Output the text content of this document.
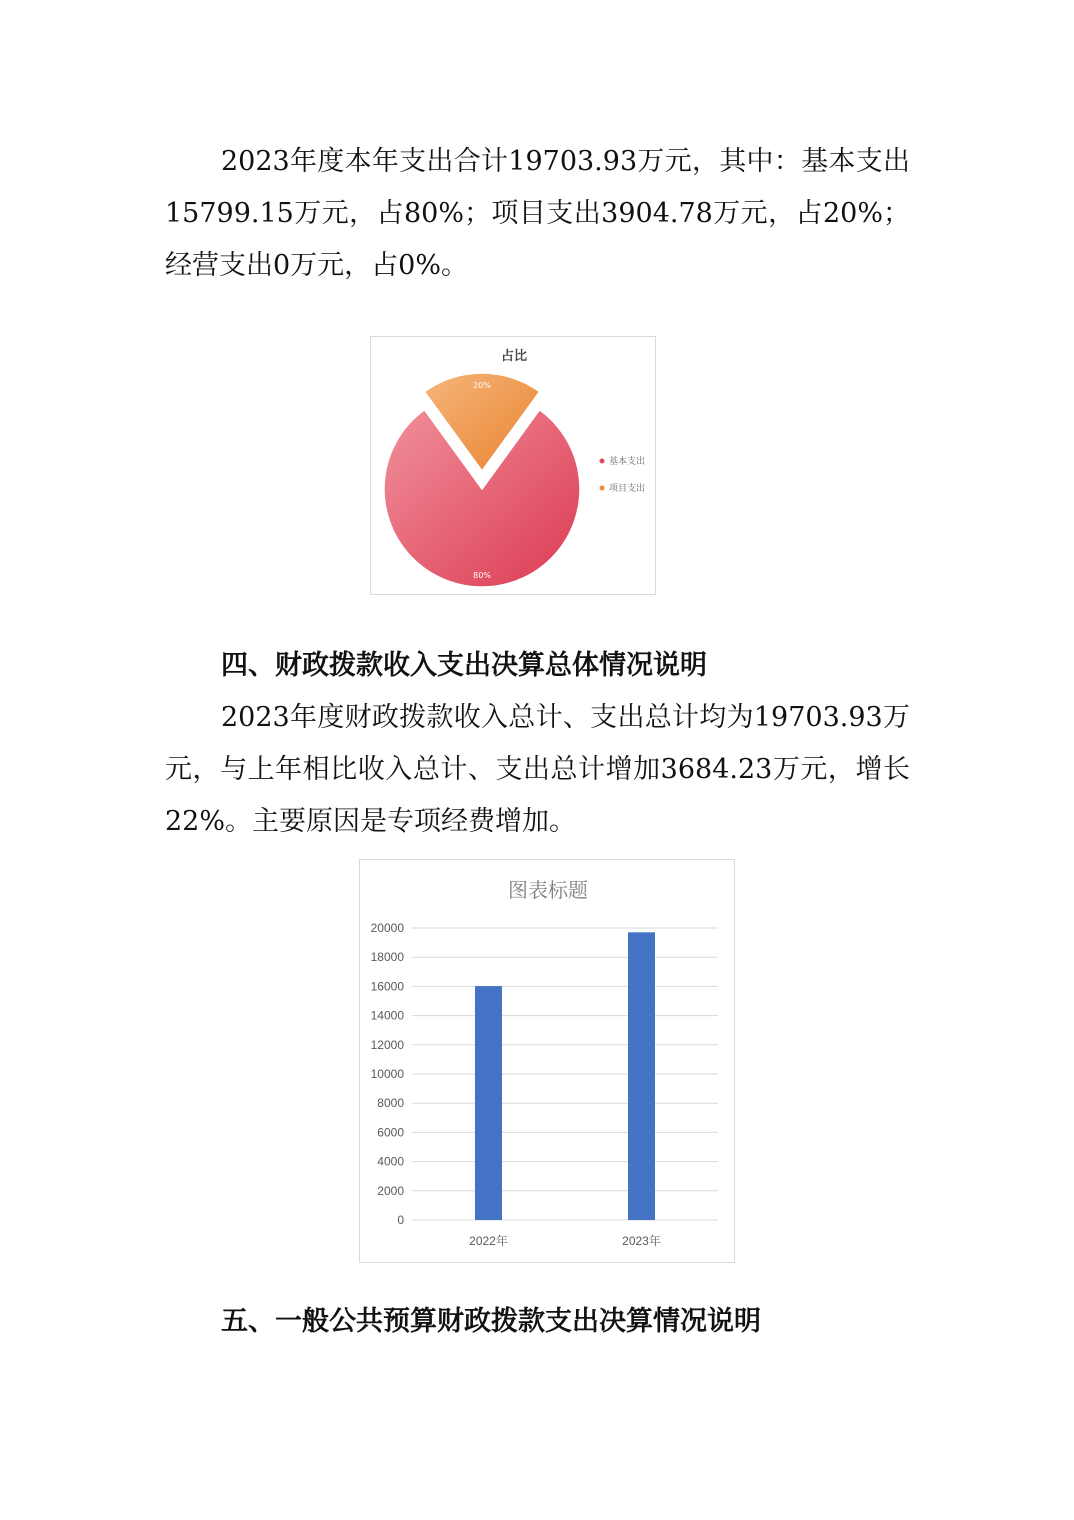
2023年度本年支出合计19703.93万元，其中：基本支出15799.15万元，占80%；项目支出3904.78万元，占20%；经营支出0万元，占0%。

占比
80%
20%
基本支出
项目支出
四、财政拨款收入支出决算总体情况说明

2023年度财政拨款收入总计、支出总计均为19703.93万元，与上年相比收入总计、支出总计增加3684.23万元，增长22%。主要原因是专项经费增加。

图表标题
0
2000
4000
6000
8000
10000
12000
14000
16000
18000
20000
2022年	2023年
五、一般公共预算财政拨款支出决算情况说明
